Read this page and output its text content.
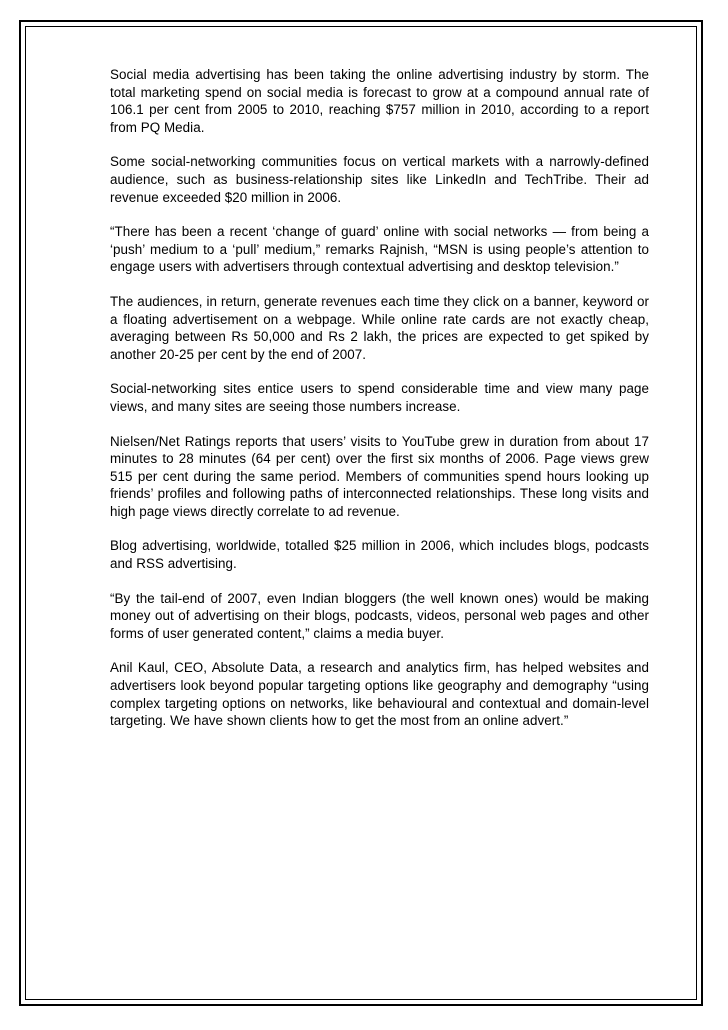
Social media advertising has been taking the online advertising industry by storm. The total marketing spend on social media is forecast to grow at a compound annual rate of 106.1 per cent from 2005 to 2010, reaching $757 million in 2010, according to a report from PQ Media.

Some social-networking communities focus on vertical markets with a narrowly-defined audience, such as business-relationship sites like LinkedIn and TechTribe. Their ad revenue exceeded $20 million in 2006.

“There has been a recent ‘change of guard’ online with social networks — from being a ‘push’ medium to a ‘pull’ medium,” remarks Rajnish, “MSN is using people’s attention to engage users with advertisers through contextual advertising and desktop television.”

The audiences, in return, generate revenues each time they click on a banner, keyword or a floating advertisement on a webpage. While online rate cards are not exactly cheap, averaging between Rs 50,000 and Rs 2 lakh, the prices are expected to get spiked by another 20-25 per cent by the end of 2007.

Social-networking sites entice users to spend considerable time and view many page views, and many sites are seeing those numbers increase.

Nielsen/Net Ratings reports that users’ visits to YouTube grew in duration from about 17 minutes to 28 minutes (64 per cent) over the first six months of 2006. Page views grew 515 per cent during the same period. Members of communities spend hours looking up friends’ profiles and following paths of interconnected relationships. These long visits and high page views directly correlate to ad revenue.

Blog advertising, worldwide, totalled $25 million in 2006, which includes blogs, podcasts and RSS advertising.

“By the tail-end of 2007, even Indian bloggers (the well known ones) would be making money out of advertising on their blogs, podcasts, videos, personal web pages and other forms of user generated content,” claims a media buyer.

Anil Kaul, CEO, Absolute Data, a research and analytics firm, has helped websites and advertisers look beyond popular targeting options like geography and demography “using complex targeting options on networks, like behavioural and contextual and domain-level targeting. We have shown clients how to get the most from an online advert.”
